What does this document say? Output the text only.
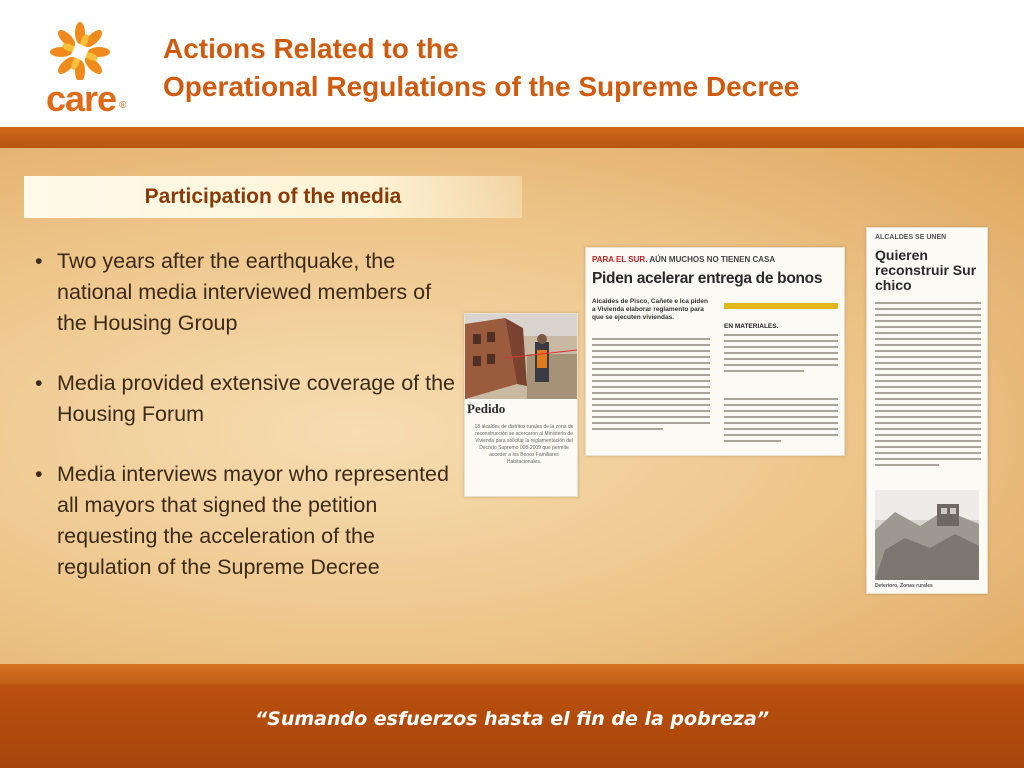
care ®
Actions Related to the
Operational Regulations of the Supreme Decree
Participation of the media
• Two years after the earthquake, the national media interviewed members of the Housing Group
• Media provided extensive coverage of the Housing Forum
• Media interviews mayor who represented all mayors that signed the petition requesting the acceleration of the regulation of the Supreme Decree
Pedido
18 alcaldes de distritos rurales de la zona de reconstrucción se acercaron al Ministerio de Vivienda para solicitar la reglamentación del Decreto Supremo 008-2009 que permite acceder a los Bonos Familiares Habitacionales.
PARA EL SUR. AÚN MUCHOS NO TIENEN CASA
Piden acelerar entrega de bonos
Alcaldes de Pisco, Cañete e Ica piden a Vivienda elaborar reglamento para que se ejecuten viviendas.
EN MATERIALES.
ALCALDES SE UNEN
Quieren reconstruir Sur chico
Deterioro. Zonas rurales
“Sumando esfuerzos hasta el fin de la pobreza”
